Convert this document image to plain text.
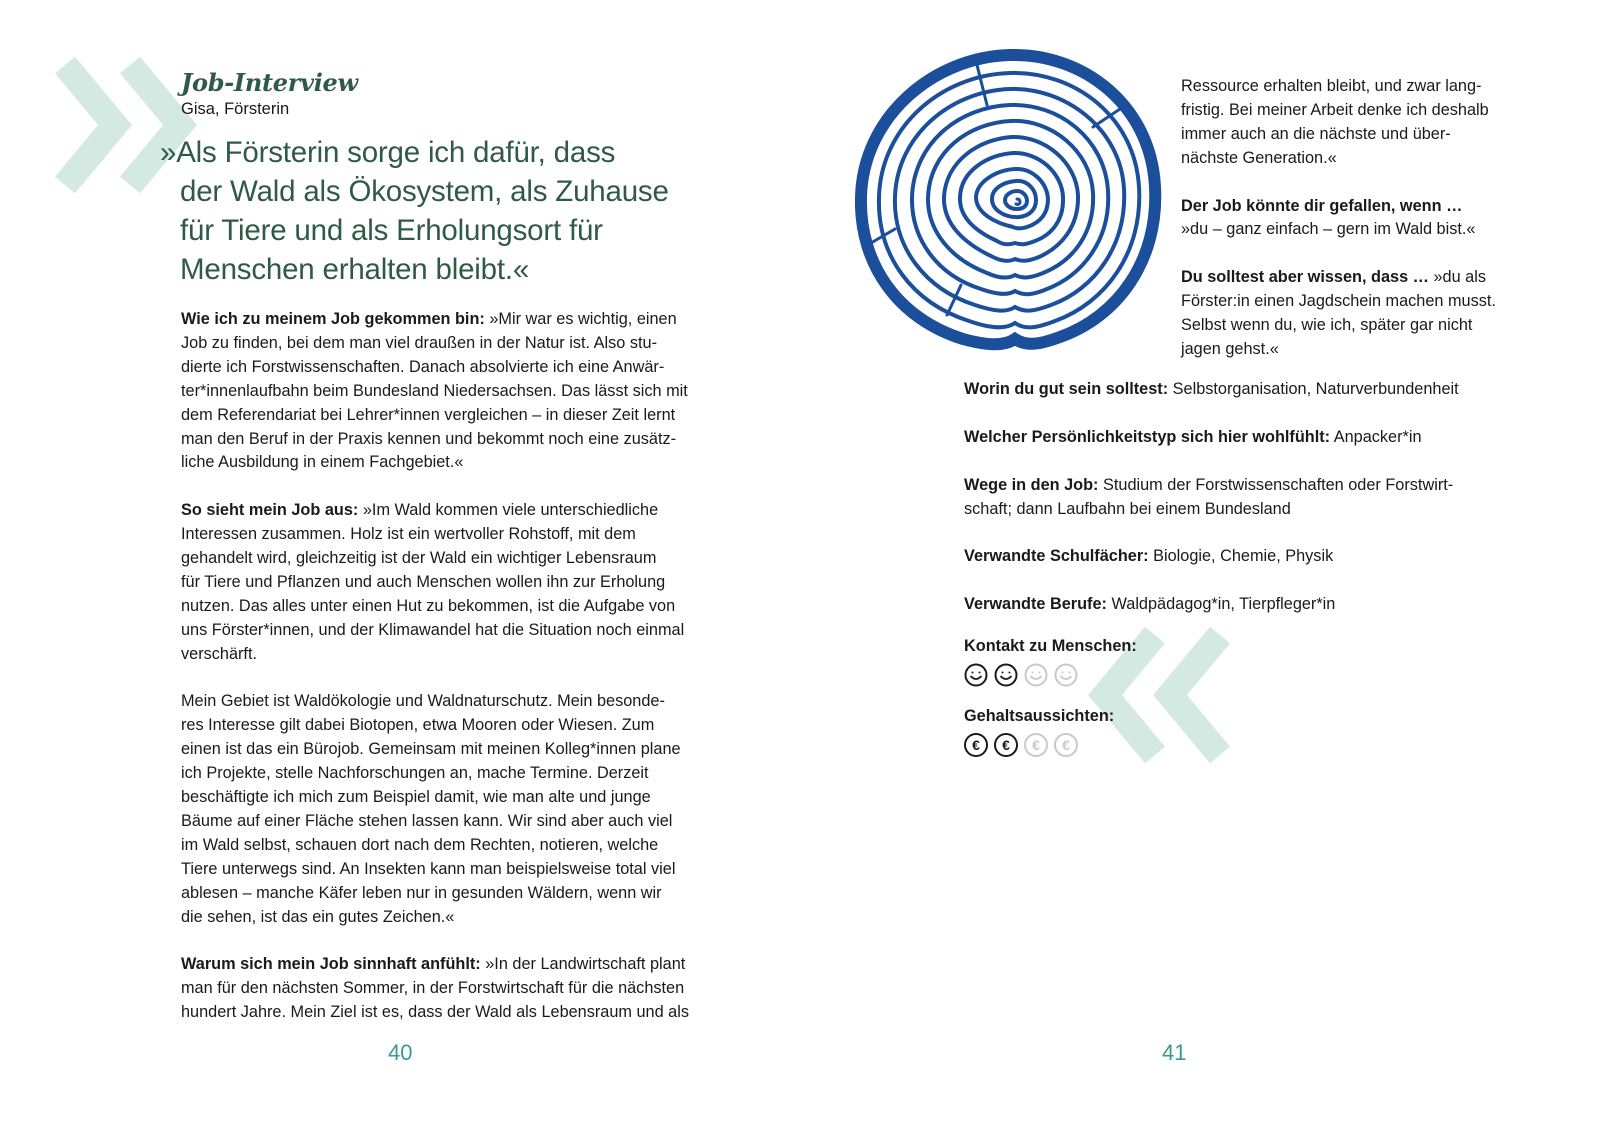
Job-Interview
Gisa, Försterin
»Als Försterin sorge ich dafür, dass
der Wald als Ökosystem, als Zuhause
für Tiere und als Erholungsort für
Menschen erhalten bleibt.«
Wie ich zu meinem Job gekommen bin: »Mir war es wichtig, einen
Job zu finden, bei dem man viel draußen in der Natur ist. Also stu-
dierte ich Forstwissenschaften. Danach absolvierte ich eine Anwär-
ter*innenlaufbahn beim Bundesland Niedersachsen. Das lässt sich mit
dem Referendariat bei Lehrer*innen vergleichen – in dieser Zeit lernt
man den Beruf in der Praxis kennen und bekommt noch eine zusätz-
liche Ausbildung in einem Fachgebiet.«
So sieht mein Job aus: »Im Wald kommen viele unterschiedliche
Interessen zusammen. Holz ist ein wertvoller Rohstoff, mit dem
gehandelt wird, gleichzeitig ist der Wald ein wichtiger Lebensraum
für Tiere und Pflanzen und auch Menschen wollen ihn zur Erholung
nutzen. Das alles unter einen Hut zu bekommen, ist die Aufgabe von
uns Förster*innen, und der Klimawandel hat die Situation noch einmal
verschärft.
Mein Gebiet ist Waldökologie und Waldnaturschutz. Mein besonde-
res Interesse gilt dabei Biotopen, etwa Mooren oder Wiesen. Zum
einen ist das ein Bürojob. Gemeinsam mit meinen Kolleg*innen plane
ich Projekte, stelle Nachforschungen an, mache Termine. Derzeit
beschäftigte ich mich zum Beispiel damit, wie man alte und junge
Bäume auf einer Fläche stehen lassen kann. Wir sind aber auch viel
im Wald selbst, schauen dort nach dem Rechten, notieren, welche
Tiere unterwegs sind. An Insekten kann man beispielsweise total viel
ablesen – manche Käfer leben nur in gesunden Wäldern, wenn wir
die sehen, ist das ein gutes Zeichen.«
Warum sich mein Job sinnhaft anfühlt: »In der Landwirtschaft plant
man für den nächsten Sommer, in der Forstwirtschaft für die nächsten
hundert Jahre. Mein Ziel ist es, dass der Wald als Lebensraum und als
40
Ressource erhalten bleibt, und zwar lang-
fristig. Bei meiner Arbeit denke ich deshalb
immer auch an die nächste und über-
nächste Generation.«
Der Job könnte dir gefallen, wenn …
»du – ganz einfach – gern im Wald bist.«
Du solltest aber wissen, dass … »du als
Förster:in einen Jagdschein machen musst.
Selbst wenn du, wie ich, später gar nicht
jagen gehst.«
Worin du gut sein solltest: Selbstorganisation, Naturverbundenheit
Welcher Persönlichkeitstyp sich hier wohlfühlt: Anpacker*in
Wege in den Job: Studium der Forstwissenschaften oder Forstwirt-
schaft; dann Laufbahn bei einem Bundesland
Verwandte Schulfächer: Biologie, Chemie, Physik
Verwandte Berufe: Waldpädagog*in, Tierpfleger*in
Kontakt zu Menschen:
Gehaltsaussichten:
€	€	€	€
41
